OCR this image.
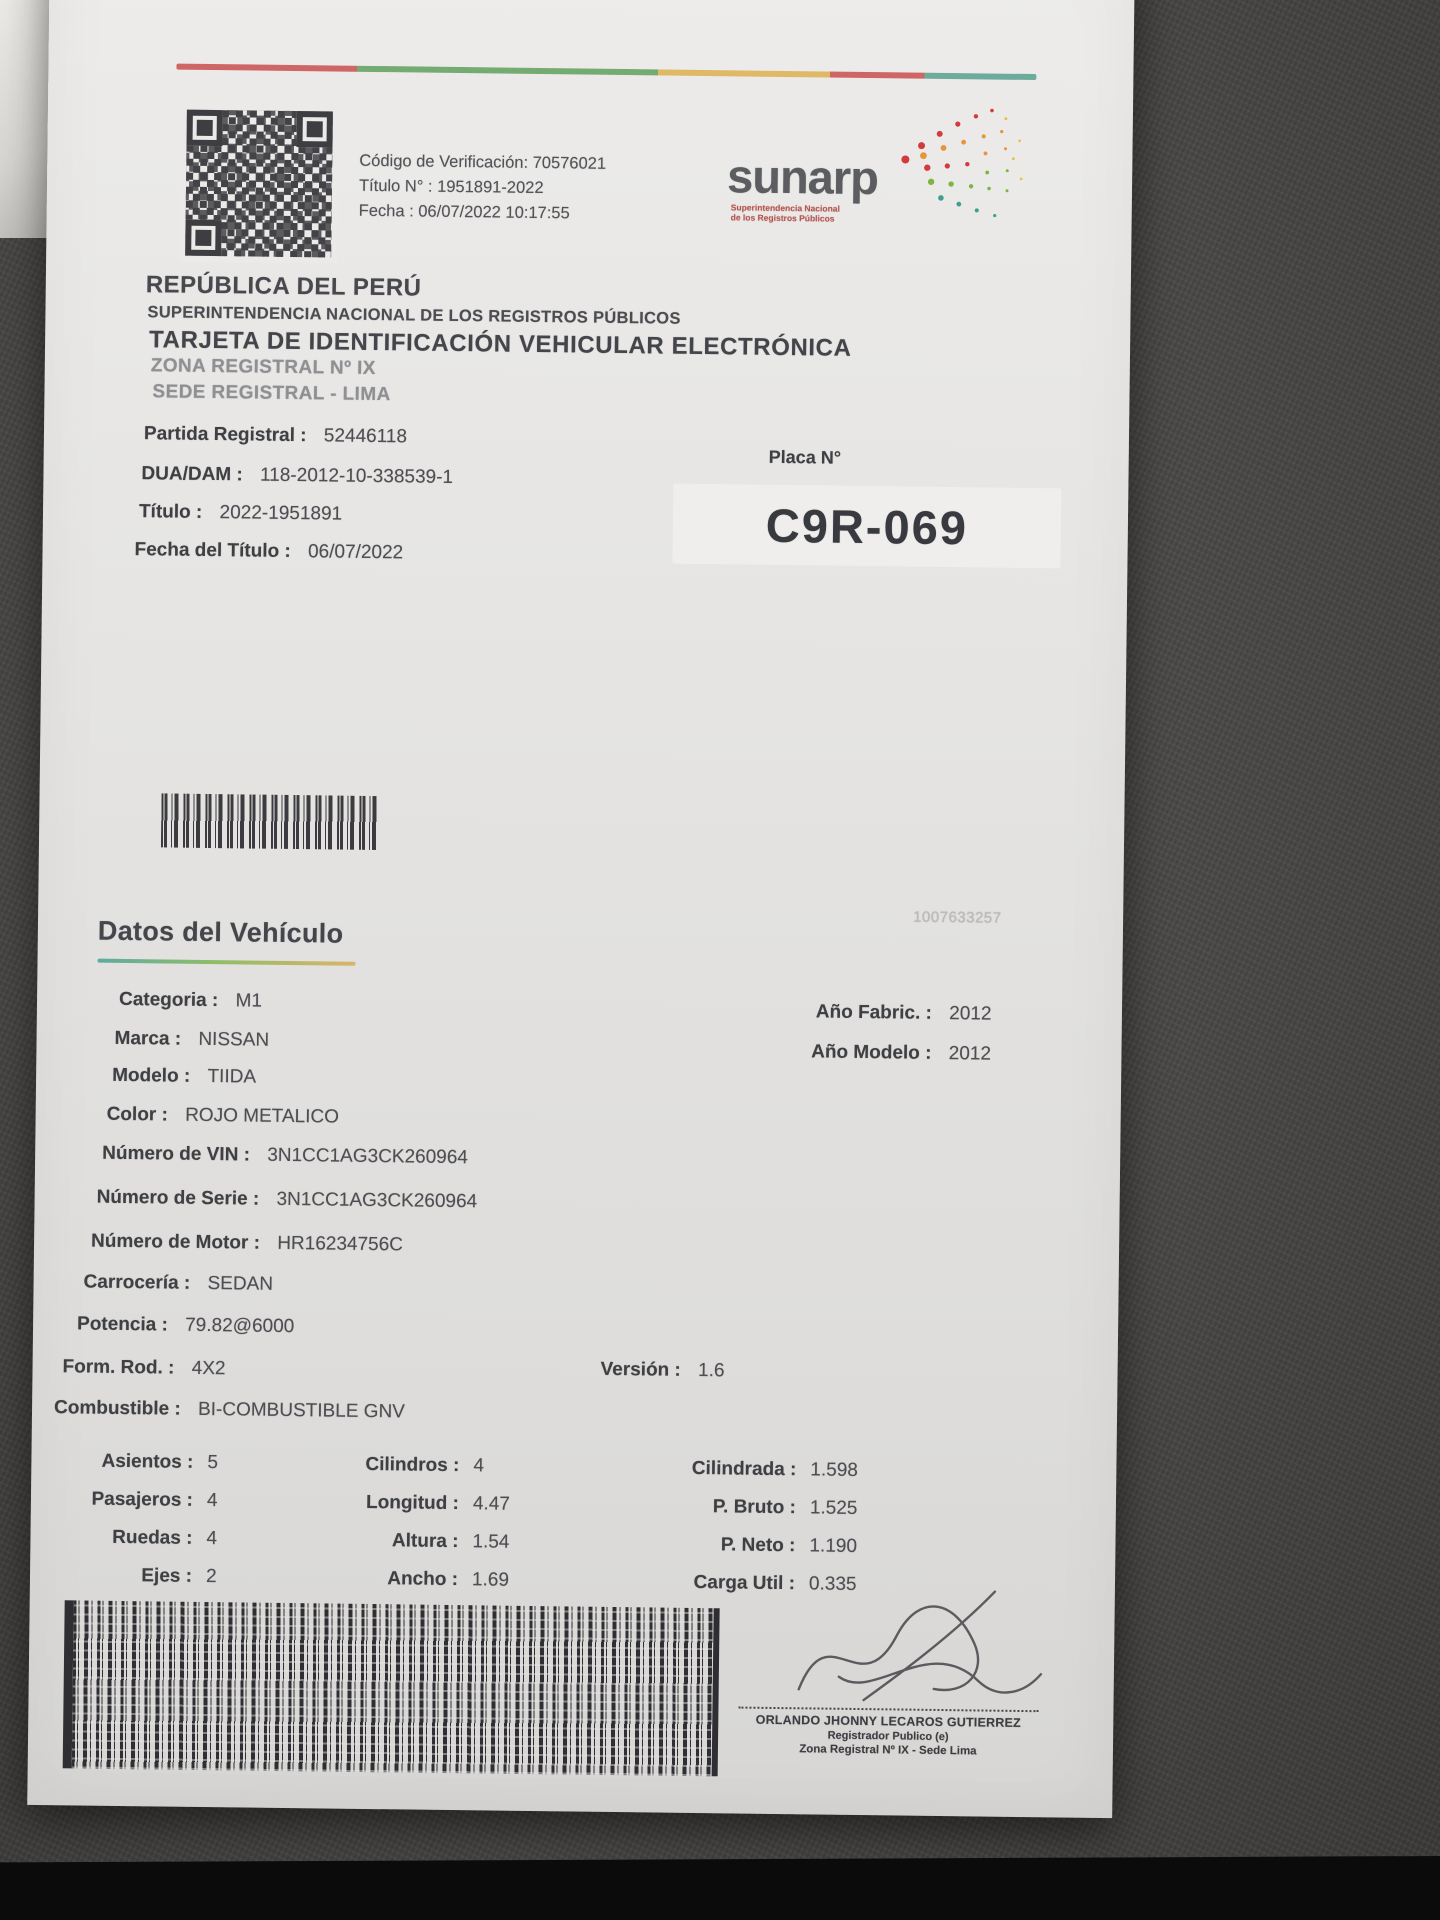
Código de Verificación: 70576021
Título N° : 1951891-2022
Fecha : 06/07/2022 10:17:55
sunarp
Superintendencia Nacional
de los Registros Públicos
REPÚBLICA DEL PERÚ
SUPERINTENDENCIA NACIONAL DE LOS REGISTROS PÚBLICOS
TARJETA DE IDENTIFICACIÓN VEHICULAR ELECTRÓNICA
ZONA REGISTRAL Nº IX
SEDE REGISTRAL - LIMA
Partida Registral : 52446118
DUA/DAM : 118-2012-10-338539-1
Título : 2022-1951891
Fecha del Título : 06/07/2022
Placa N°
C9R-069
Datos del Vehículo	1007633257
Año Fabric. : 2012
Año Modelo : 2012
Categoria : M1
Marca : NISSAN
Modelo : TIIDA
Color : ROJO METALICO
Número de VIN : 3N1CC1AG3CK260964
Número de Serie : 3N1CC1AG3CK260964
Número de Motor : HR16234756C
Carrocería : SEDAN
Potencia : 79.82@6000
Form. Rod. : 4X2	Versión : 1.6
Combustible : BI-COMBUSTIBLE GNV
Asientos : 5
Pasajeros : 4
Ruedas : 4
Ejes : 2
Cilindros : 4
Longitud : 4.47
Altura : 1.54
Ancho : 1.69
Cilindrada : 1.598
P. Bruto : 1.525
P. Neto : 1.190
Carga Util : 0.335
ORLANDO JHONNY LECAROS GUTIERREZ
Registrador Publico (e)
Zona Registral Nº IX - Sede Lima
